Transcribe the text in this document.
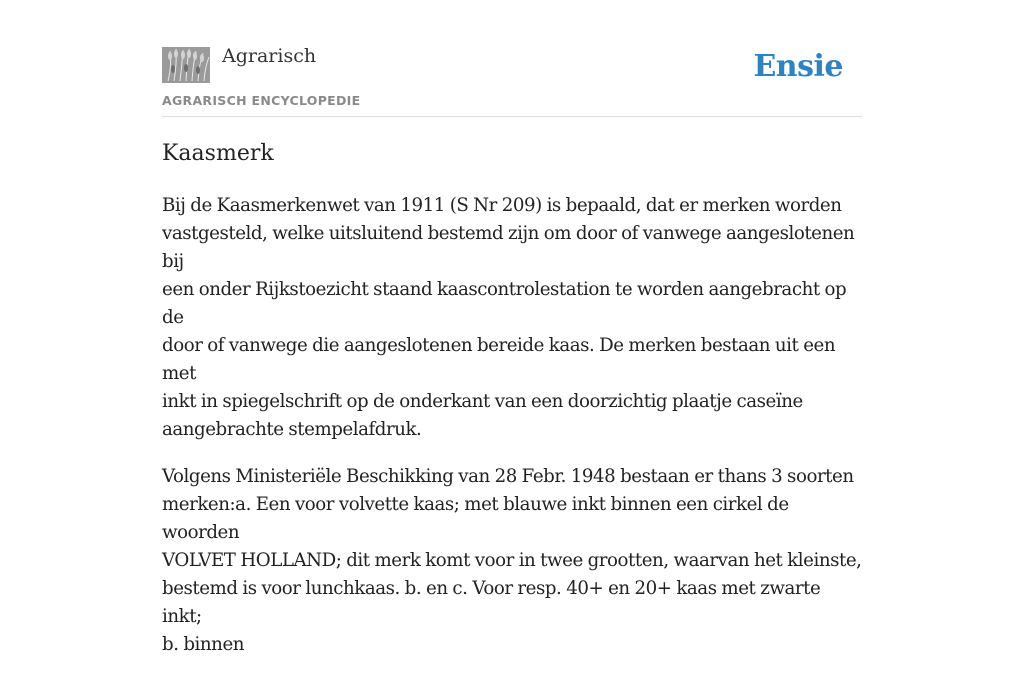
Agrarisch
AGRARISCH ENCYCLOPEDIE
Ensie
Kaasmerk

Bij de Kaasmerkenwet van 1911 (S Nr 209) is bepaald, dat er merken worden
vastgesteld, welke uitsluitend bestemd zijn om door of vanwege aangeslotenen bij
een onder Rijkstoezicht staand kaascontrolestation te worden aangebracht op de
door of vanwege die aangeslotenen bereide kaas. De merken bestaan uit een met
inkt in spiegelschrift op de onderkant van een doorzichtig plaatje caseïne
aangebrachte stempelafdruk.

Volgens Ministeriële Beschikking van 28 Febr. 1948 bestaan er thans 3 soorten
merken:a. Een voor volvette kaas; met blauwe inkt binnen een cirkel de woorden
VOLVET HOLLAND; dit merk komt voor in twee grootten, waarvan het kleinste,
bestemd is voor lunchkaas. b. en c. Voor resp. 40+ en 20+ kaas met zwarte inkt;
b. binnen
